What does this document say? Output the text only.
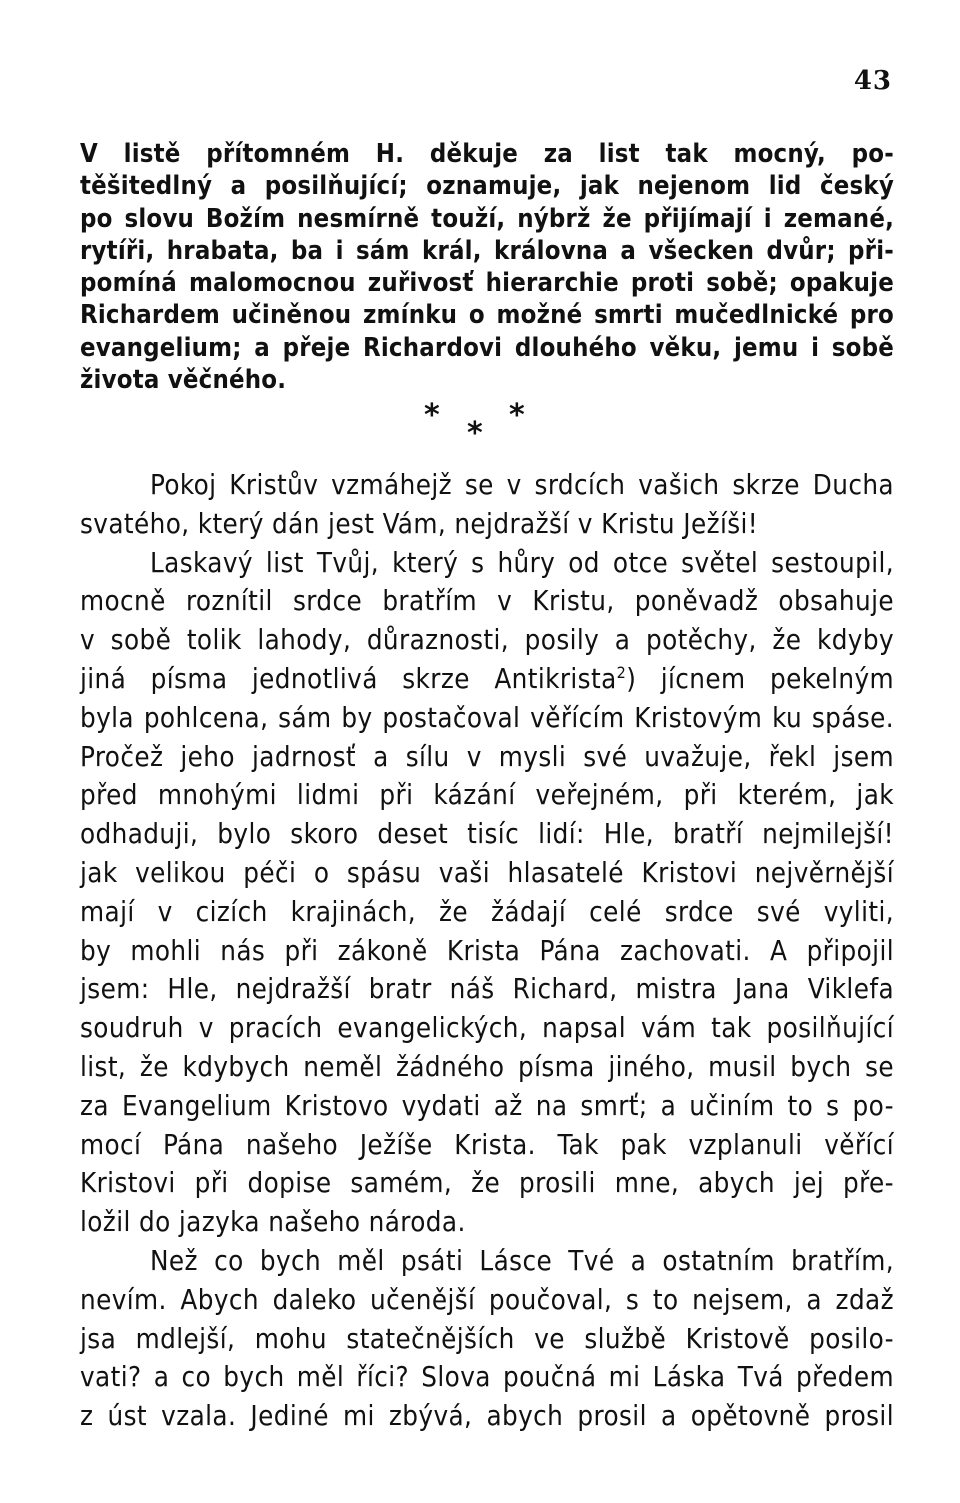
43
V listě přítomném H. děkuje za list tak mocný, po-
těšitedlný a posilňující; oznamuje, jak nejenom lid český
po slovu Božím nesmírně touží, nýbrž že přijímají i zemané,
rytíři, hrabata, ba i sám král, královna a všecken dvůr; při-
pomíná malomocnou zuřivosť hierarchie proti sobě; opakuje
Richardem učiněnou zmínku o možné smrti mučedlnické pro
evangelium; a přeje Richardovi dlouhého věku, jemu i sobě
života věčného.
* *
*
Pokoj Kristův vzmáhejž se v srdcích vašich skrze Ducha
svatého, který dán jest Vám, nejdražší v Kristu Ježíši!
Laskavý list Tvůj, který s hůry od otce světel sestoupil,
mocně roznítil srdce bratřím v Kristu, poněvadž obsahuje
v sobě tolik lahody, důraznosti, posily a potěchy, že kdyby
jiná písma jednotlivá skrze Antikrista$^2$) jícnem pekelným
byla pohlcena, sám by postačoval věřícím Kristovým ku spáse.
Pročež jeho jadrnosť a sílu v mysli své uvažuje, řekl jsem
před mnohými lidmi při kázání veřejném, při kterém, jak
odhaduji, bylo skoro deset tisíc lidí: Hle, bratří nejmilejší!
jak velikou péči o spásu vaši hlasatelé Kristovi nejvěrnější
mají v cizích krajinách, že žádají celé srdce své vyliti,
by mohli nás při zákoně Krista Pána zachovati. A připojil
jsem: Hle, nejdražší bratr náš Richard, mistra Jana Viklefa
soudruh v pracích evangelických, napsal vám tak posilňující
list, že kdybych neměl žádného písma jiného, musil bych se
za Evangelium Kristovo vydati až na smrť; a učiním to s po-
mocí Pána našeho Ježíše Krista. Tak pak vzplanuli věřící
Kristovi při dopise samém, že prosili mne, abych jej pře-
ložil do jazyka našeho národa.
Než co bych měl psáti Lásce Tvé a ostatním bratřím,
nevím. Abych daleko učenější poučoval, s to nejsem, a zdaž
jsa mdlejší, mohu statečnějších ve službě Kristově posilo-
vati? a co bych měl říci? Slova poučná mi Láska Tvá předem
z úst vzala. Jediné mi zbývá, abych prosil a opětovně prosil
